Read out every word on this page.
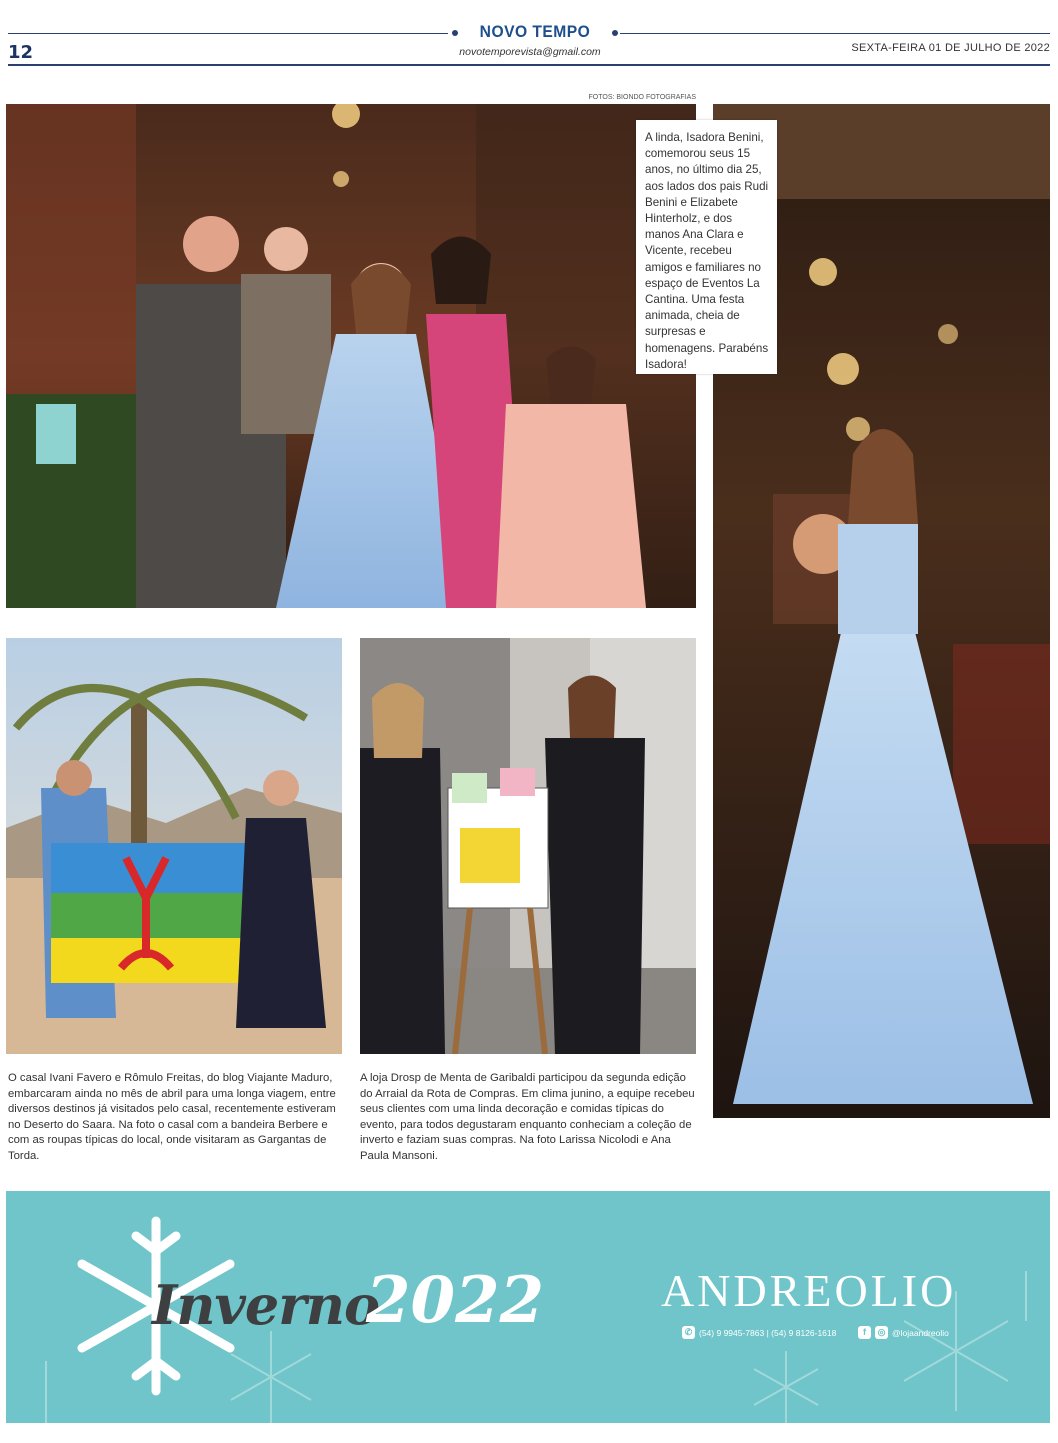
12
NOVO TEMPO
novotemporevista@gmail.com	SEXTA-FEIRA 01 DE JULHO DE 2022
FOTOS: BIONDO FOTOGRAFIAS
A linda, Isadora Benini, comemorou seus 15 anos, no último dia 25, aos lados dos pais Rudi Benini e Elizabete Hinterholz, e dos manos Ana Clara e Vicente, recebeu amigos e familiares no espaço de Eventos La Cantina. Uma festa animada, cheia de surpresas e homenagens. Parabéns Isadora!
O casal Ivani Favero e Rômulo Freitas, do blog Viajante Maduro, embarcaram ainda no mês de abril para uma longa viagem, entre diversos destinos já visitados pelo casal, recentemente estiveram no Deserto do Saara. Na foto o casal com a bandeira Berbere e com as roupas típicas do local, onde visitaram as Gargantas de Torda.
A loja Drosp de Menta de Garibaldi participou da segunda edição do Arraial da Rota de Compras. Em clima junino, a equipe recebeu seus clientes com uma linda decoração e comidas típicas do evento, para todos degustaram enquanto conheciam a coleção de inverto e faziam suas compras. Na foto Larissa Nicolodi e Ana Paula Mansoni.
Inverno
2022	ANDREOLIO
✆ (54) 9 9945-7863 | (54) 9 8126-1618	f	◎ @lojaandreolio
